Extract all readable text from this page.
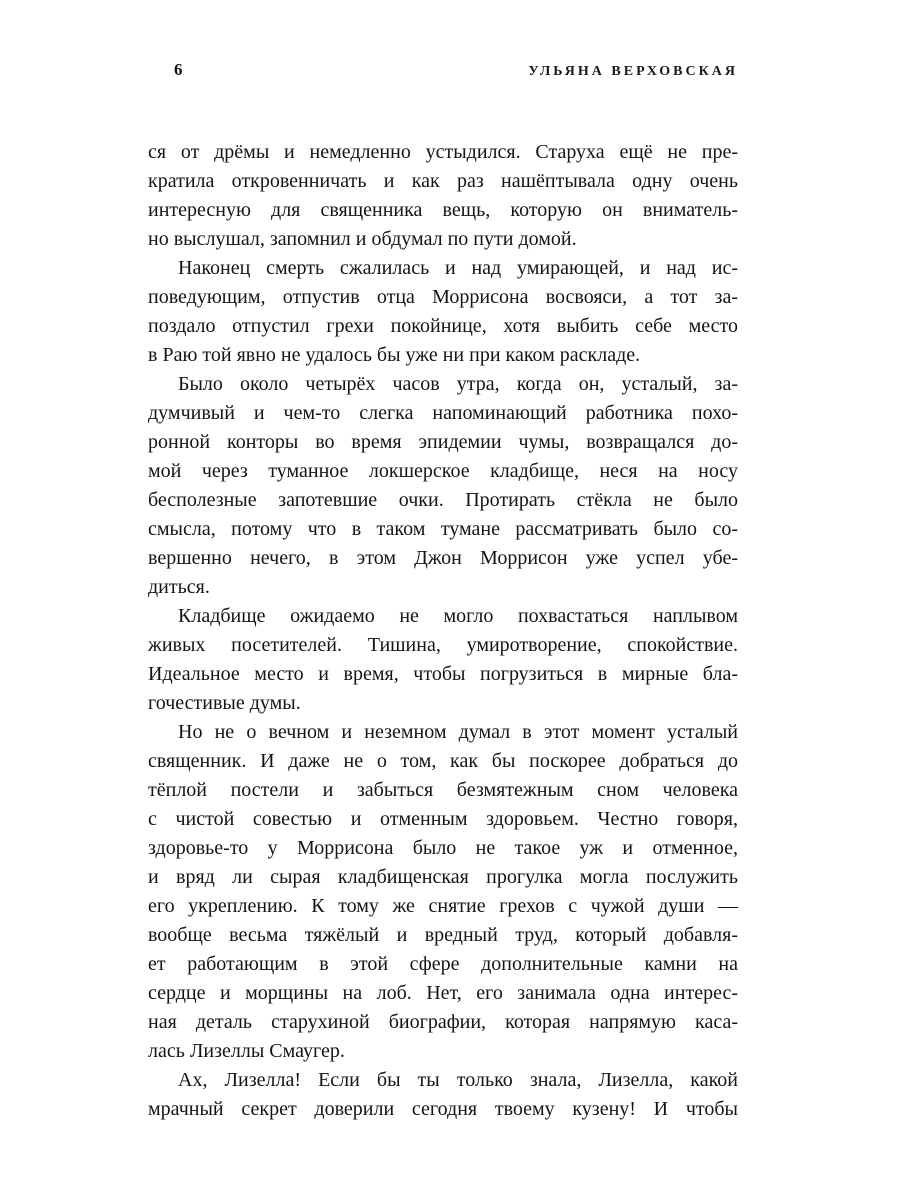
6	УЛЬЯНА ВЕРХОВСКАЯ
ся от дрёмы и немедленно устыдился. Старуха ещё не пре-
кратила откровенничать и как раз нашёптывала одну очень
интересную для священника вещь, которую он вниматель-
но выслушал, запомнил и обдумал по пути домой.
Наконец смерть сжалилась и над умирающей, и над ис-
поведующим, отпустив отца Моррисона восвояси, а тот за-
поздало отпустил грехи покойнице, хотя выбить себе место
в Раю той явно не удалось бы уже ни при каком раскладе.
Было около четырёх часов утра, когда он, усталый, за-
думчивый и чем-то слегка напоминающий работника похо-
ронной конторы во время эпидемии чумы, возвращался до-
мой через туманное локшерское кладбище, неся на носу
бесполезные запотевшие очки. Протирать стёкла не было
смысла, потому что в таком тумане рассматривать было со-
вершенно нечего, в этом Джон Моррисон уже успел убе-
диться.
Кладбище ожидаемо не могло похвастаться наплывом
живых посетителей. Тишина, умиротворение, спокойствие.
Идеальное место и время, чтобы погрузиться в мирные бла-
гочестивые думы.
Но не о вечном и неземном думал в этот момент усталый
священник. И даже не о том, как бы поскорее добраться до
тёплой постели и забыться безмятежным сном человека
с чистой совестью и отменным здоровьем. Честно говоря,
здоровье-то у Моррисона было не такое уж и отменное,
и вряд ли сырая кладбищенская прогулка могла послужить
его укреплению. К тому же снятие грехов с чужой души —
вообще весьма тяжёлый и вредный труд, который добавля-
ет работающим в этой сфере дополнительные камни на
сердце и морщины на лоб. Нет, его занимала одна интерес-
ная деталь старухиной биографии, которая напрямую каса-
лась Лизеллы Смаугер.
Ах, Лизелла! Если бы ты только знала, Лизелла, какой
мрачный секрет доверили сегодня твоему кузену! И чтобы
